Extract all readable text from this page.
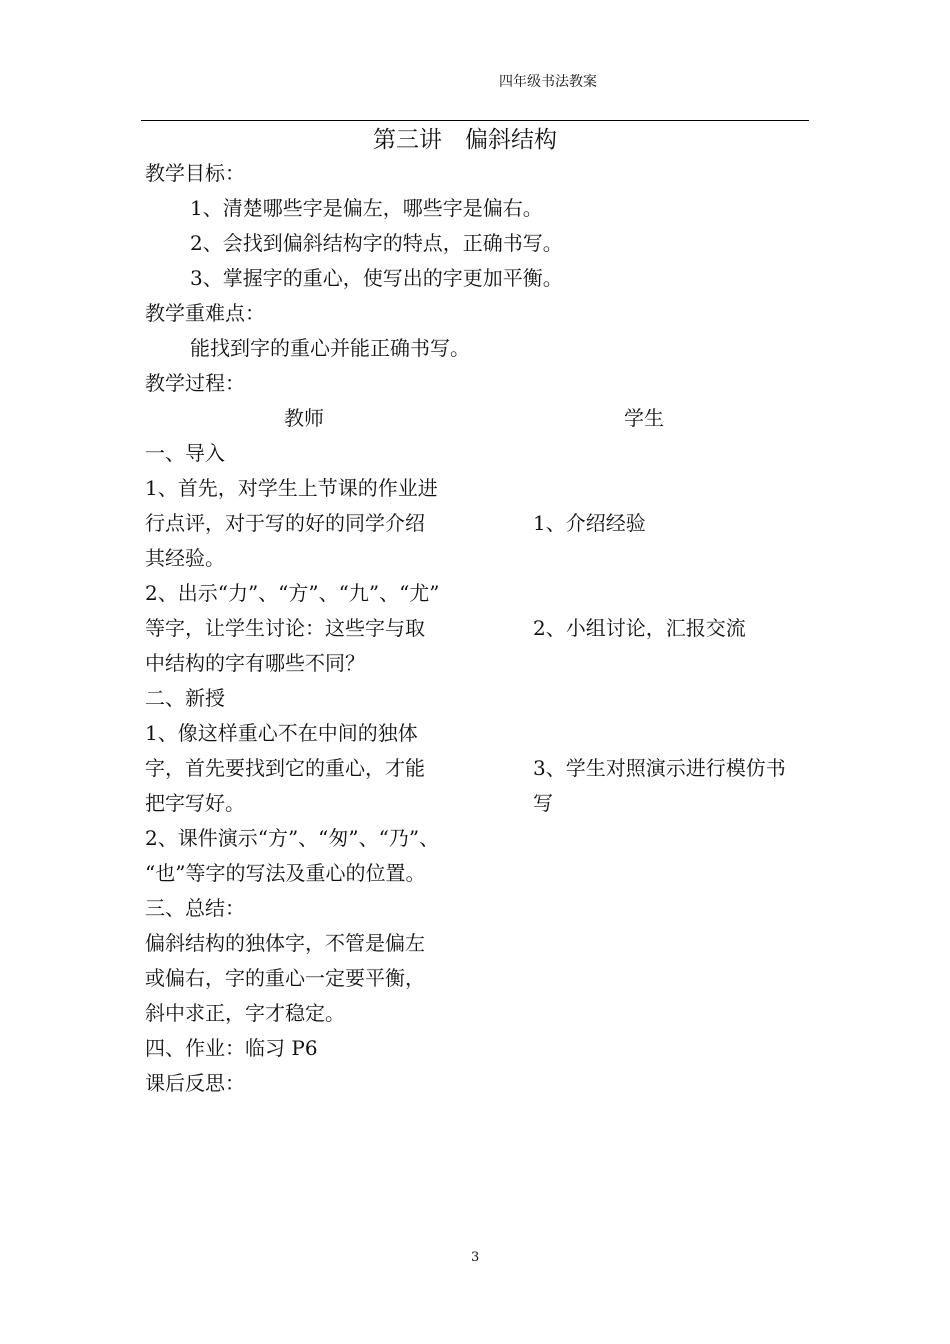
四年级书法教案
第三讲　偏斜结构
教学目标：
1、清楚哪些字是偏左，哪些字是偏右。
2、会找到偏斜结构字的特点，正确书写。
3、掌握字的重心，使写出的字更加平衡。
教学重难点：
能找到字的重心并能正确书写。
教学过程：
教师	学生
一、导入
1、首先，对学生上节课的作业进
行点评，对于写的好的同学介绍
其经验。
1、介绍经验
2、出示“力”、“方”、“九”、“尤”
等字，让学生讨论：这些字与取
中结构的字有哪些不同？
2、小组讨论，汇报交流
二、新授
1、像这样重心不在中间的独体
字，首先要找到它的重心，才能
把字写好。
3、学生对照演示进行模仿书
写
2、课件演示“方”、“匆”、“乃”、
“也”等字的写法及重心的位置。
三、总结：
偏斜结构的独体字，不管是偏左
或偏右，字的重心一定要平衡，
斜中求正，字才稳定。
四、作业：临习 P6
课后反思：
3
